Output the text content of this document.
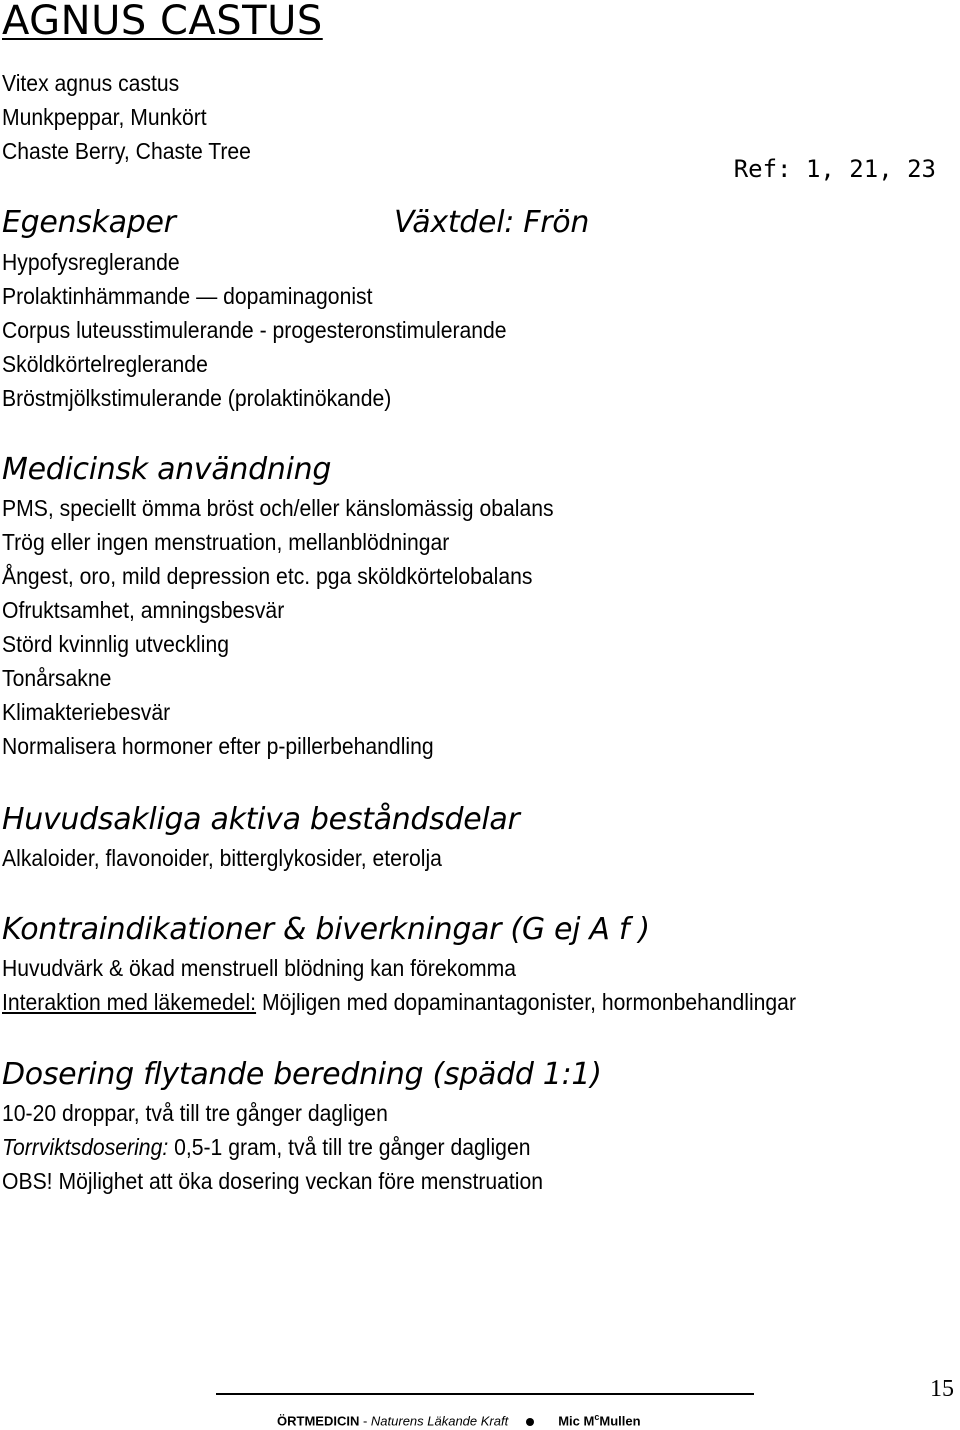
AGNUS CASTUS
Vitex agnus castus
Munkpeppar, Munkört
Chaste Berry, Chaste Tree
Ref: 1, 21, 23
Egenskaper	Växtdel: Frön
Hypofysreglerande
Prolaktinhämmande — dopaminagonist
Corpus luteusstimulerande - progesteronstimulerande
Sköldkörtelreglerande
Bröstmjölkstimulerande (prolaktinökande)
Medicinsk användning
PMS, speciellt ömma bröst och/eller känslomässig obalans
Trög eller ingen menstruation, mellanblödningar
Ångest, oro, mild depression etc. pga sköldkörtelobalans
Ofruktsamhet, amningsbesvär
Störd kvinnlig utveckling
Tonårsakne
Klimakteriebesvär
Normalisera hormoner efter p-pillerbehandling
Huvudsakliga aktiva beståndsdelar
Alkaloider, flavonoider, bitterglykosider, eterolja
Kontraindikationer & biverkningar (G ej A f )
Huvudvärk & ökad menstruell blödning kan förekomma
Interaktion med läkemedel: Möjligen med dopaminantagonister, hormonbehandlingar
Dosering flytande beredning (spädd 1:1)
10-20 droppar, två till tre gånger dagligen
Torrviktsdosering: 0,5-1 gram, två till tre gånger dagligen
OBS! Möjlighet att öka dosering veckan före menstruation
ÖRTMEDICIN - Naturens Läkande Kraft	Mic $M^cMullen$
15
